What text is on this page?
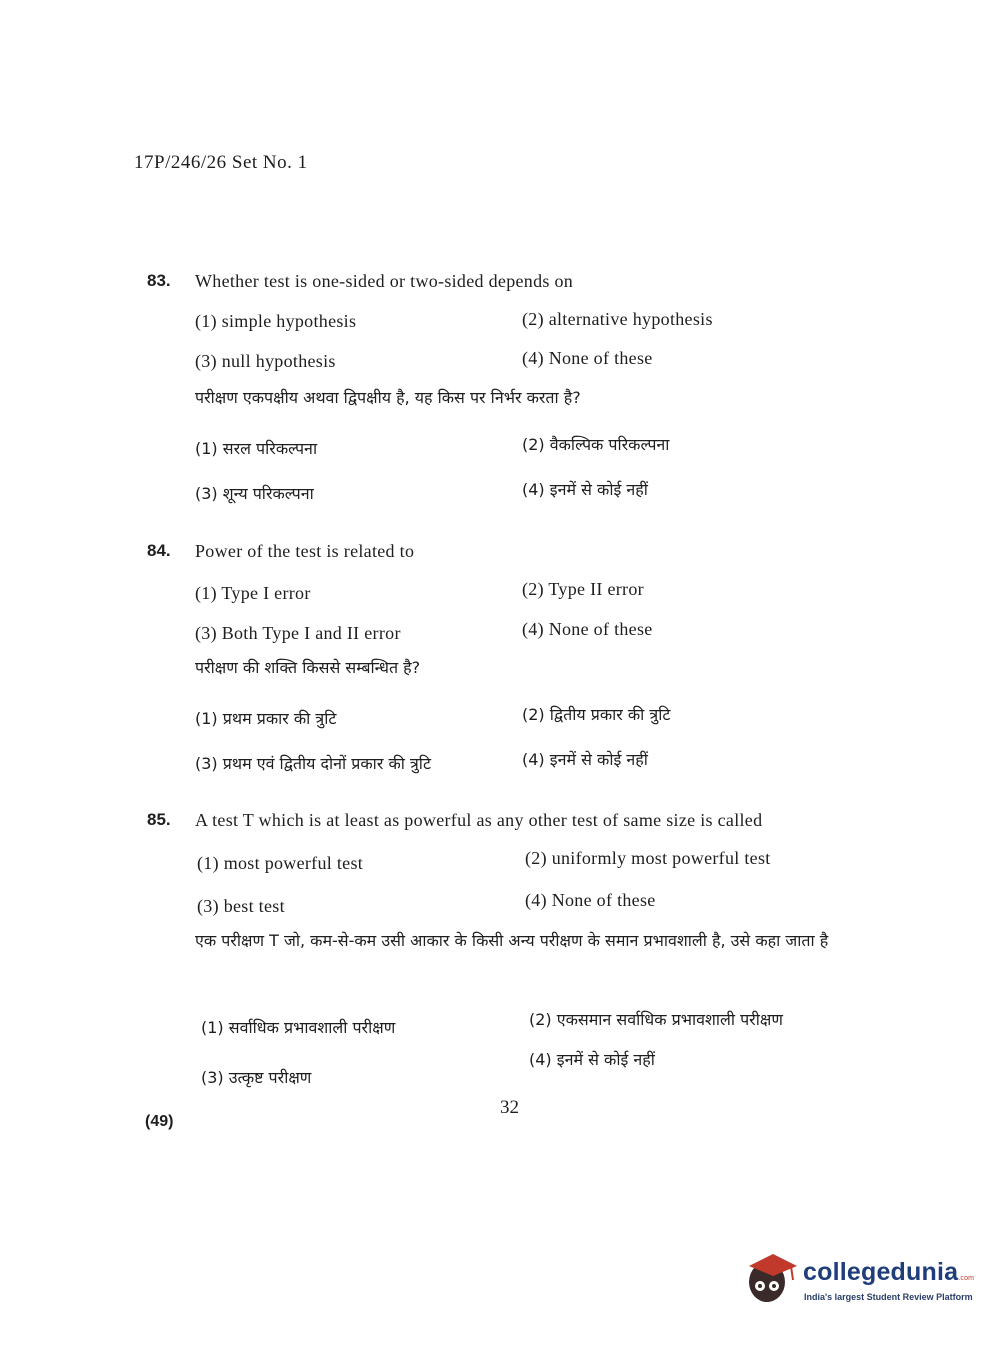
17P/246/26 Set No. 1
83. Whether test is one-sided or two-sided depends on
(1) simple hypothesis	(2) alternative hypothesis
(3) null hypothesis	(4) None of these
परीक्षण एकपक्षीय अथवा द्विपक्षीय है, यह किस पर निर्भर करता है?
(1) सरल परिकल्पना	(2) वैकल्पिक परिकल्पना
(3) शून्य परिकल्पना	(4) इनमें से कोई नहीं
84. Power of the test is related to
(1) Type I error	(2) Type II error
(3) Both Type I and II error	(4) None of these
परीक्षण की शक्ति किससे सम्बन्धित है?
(1) प्रथम प्रकार की त्रुटि	(2) द्वितीय प्रकार की त्रुटि
(3) प्रथम एवं द्वितीय दोनों प्रकार की त्रुटि	(4) इनमें से कोई नहीं
85. A test T which is at least as powerful as any other test of same size is called
(1) most powerful test	(2) uniformly most powerful test
(3) best test	(4) None of these
एक परीक्षण T जो, कम-से-कम उसी आकार के किसी अन्य परीक्षण के समान प्रभावशाली है, उसे कहा जाता है
(1) सर्वाधिक प्रभावशाली परीक्षण	(2) एकसमान सर्वाधिक प्रभावशाली परीक्षण
(3) उत्कृष्ट परीक्षण
(4) इनमें से कोई नहीं
32
(49)
collegedunia.com
India's largest Student Review Platform
